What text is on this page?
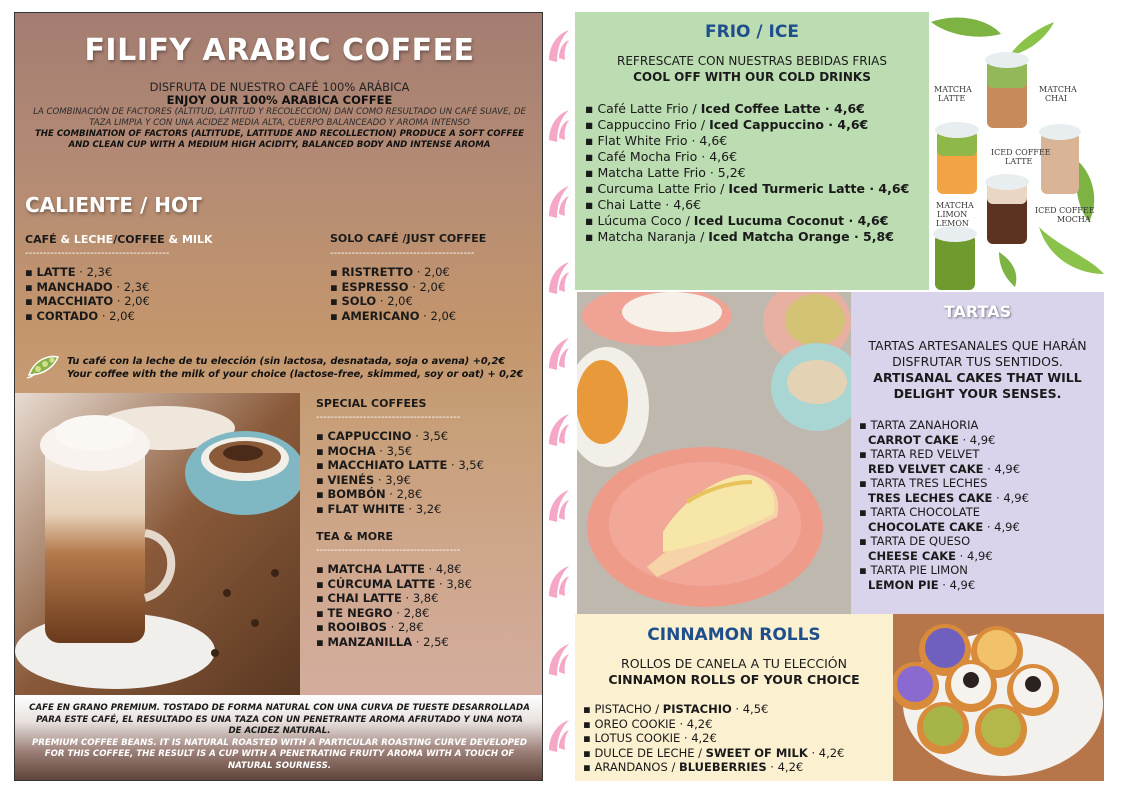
FILIFY ARABIC COFFEE
DISFRUTA DE NUESTRO CAFÉ 100% ARÁBICA
ENJOY OUR 100% ARABICA COFFEE
LA COMBINACIÓN DE FACTORES (ALTITUD, LATITUD Y RECOLECCIÓN) DAN COMO RESULTADO UN CAFÉ SUAVE, DE TAZA LIMPIA Y CON UNA ACIDEZ MEDIA ALTA, CUERPO BALANCEADO Y AROMA INTENSO
THE COMBINATION OF FACTORS (ALTITUDE, LATITUDE AND RECOLLECTION) PRODUCE A SOFT COFFEE AND CLEAN CUP WITH A MEDIUM HIGH ACIDITY, BALANCED BODY AND INTENSE AROMA
CALIENTE / HOT
CAFÉ & LECHE/COFFEE & MILK
----------------------------------------
▪ LATTE · 2,3€
▪ MANCHADO · 2,3€
▪ MACCHIATO · 2,0€
▪ CORTADO · 2,0€
SOLO CAFÉ /JUST COFFEE
----------------------------------------
▪ RISTRETTO · 2,0€
▪ ESPRESSO · 2,0€
▪ SOLO · 2,0€
▪ AMERICANO · 2,0€
Tu café con la leche de tu elección (sin lactosa, desnatada, soja o avena) +0,2€
Your coffee with the milk of your choice (lactose-free, skimmed, soy or oat) + 0,2€
SPECIAL COFFEES
----------------------------------------
▪ CAPPUCCINO · 3,5€
▪ MOCHA · 3,5€
▪ MACCHIATO LATTE · 3,5€
▪ VIENÉS · 3,9€
▪ BOMBÓN · 2,8€
▪ FLAT WHITE · 3,2€
TEA & MORE
----------------------------------------
▪ MATCHA LATTE · 4,8€
▪ CÚRCUMA LATTE · 3,8€
▪ CHAI LATTE · 3,8€
▪ TE NEGRO · 2,8€
▪ ROOIBOS · 2,8€
▪ MANZANILLA · 2,5€
CAFE EN GRANO PREMIUM. TOSTADO DE FORMA NATURAL CON UNA CURVA DE TUESTE DESARROLLADA PARA ESTE CAFÉ, EL RESULTADO ES UNA TAZA CON UN PENETRANTE AROMA AFRUTADO Y UNA NOTA DE ACIDEZ NATURAL.
PREMIUM COFFEE BEANS. IT IS NATURAL ROASTED WITH A PARTICULAR ROASTING CURVE DEVELOPED FOR THIS COFFEE, THE RESULT IS A CUP WITH A PENETRATING FRUITY AROMA WITH A TOUCH OF NATURAL SOURNESS.
FRIO / ICE
REFRESCATE CON NUESTRAS BEBIDAS FRIAS
COOL OFF WITH OUR COLD DRINKS
▪ Café Latte Frio / Iced Coffee Latte · 4,6€
▪ Cappuccino Frio / Iced Cappuccino · 4,6€
▪ Flat White Frio · 4,6€
▪ Café Mocha Frio · 4,6€
▪ Matcha Latte Frio · 5,2€
▪ Curcuma Latte Frio / Iced Turmeric Latte · 4,6€
▪ Chai Latte · 4,6€
▪ Lúcuma Coco / Iced Lucuma Coconut · 4,6€
▪ Matcha Naranja / Iced Matcha Orange · 5,8€
MATCHA
LATTE
MATCHA
CHAI
ICED COFFEE
LATTE
MATCHA
LIMON
LEMON
ICED COFFEE
MOCHA
TARTAS
TARTAS ARTESANALES QUE HARÁN DISFRUTAR TUS SENTIDOS.
ARTISANAL CAKES THAT WILL DELIGHT YOUR SENSES.
▪ TARTA ZANAHORIA
CARROT CAKE · 4,9€
▪ TARTA RED VELVET
RED VELVET CAKE · 4,9€
▪ TARTA TRES LECHES
TRES LECHES CAKE · 4,9€
▪ TARTA CHOCOLATE
CHOCOLATE CAKE · 4,9€
▪ TARTA DE QUESO
CHEESE CAKE · 4,9€
▪ TARTA PIE LIMON
LEMON PIE · 4,9€
CINNAMON ROLLS
ROLLOS DE CANELA A TU ELECCIÓN
CINNAMON ROLLS OF YOUR CHOICE
▪ PISTACHO / PISTACHIO · 4,5€
▪ OREO COOKIE · 4,2€
▪ LOTUS COOKIE · 4,2€
▪ DULCE DE LECHE / SWEET OF MILK · 4,2€
▪ ARANDANOS / BLUEBERRIES · 4,2€
